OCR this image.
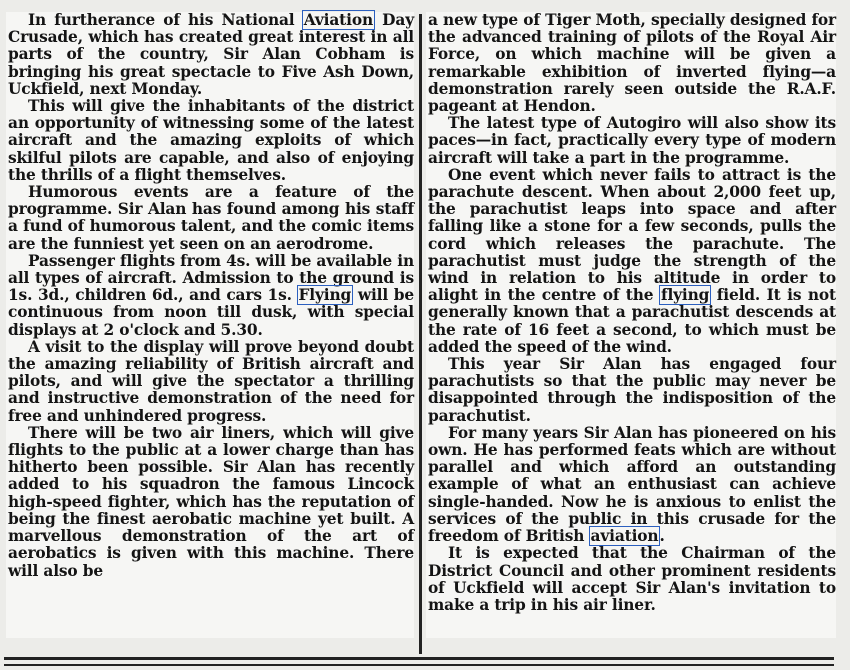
In furtherance of his National Aviation Day Crusade, which has created great interest in all parts of the country, Sir Alan Cobham is bringing his great spectacle to Five Ash Down, Uckfield, next Monday.

This will give the inhabitants of the district an opportunity of witnessing some of the latest aircraft and the amazing exploits of which skilful pilots are capable, and also of enjoying the thrills of a flight themselves.

Humorous events are a feature of the programme. Sir Alan has found among his staff a fund of humorous talent, and the comic items are the funniest yet seen on an aerodrome.

Passenger flights from 4s. will be available in all types of aircraft. Admission to the ground is 1s. 3d., children 6d., and cars 1s. Flying will be continuous from noon till dusk, with special displays at 2 o'clock and 5.30.

A visit to the display will prove beyond doubt the amazing reliability of British aircraft and pilots, and will give the spectator a thrilling and instructive demonstration of the need for free and unhindered progress.

There will be two air liners, which will give flights to the public at a lower charge than has hitherto been possible. Sir Alan has recently added to his squadron the famous Lincock high-speed fighter, which has the reputation of being the finest aerobatic machine yet built. A marvellous demonstration of the art of aerobatics is given with this machine. There will also be

a new type of Tiger Moth, specially designed for the advanced training of pilots of the Royal Air Force, on which machine will be given a remarkable exhibition of inverted flying—a demonstration rarely seen outside the R.A.F. pageant at Hendon.

The latest type of Autogiro will also show its paces—in fact, practically every type of modern aircraft will take a part in the programme.

One event which never fails to attract is the parachute descent. When about 2,000 feet up, the parachutist leaps into space and after falling like a stone for a few seconds, pulls the cord which releases the parachute. The parachutist must judge the strength of the wind in relation to his altitude in order to alight in the centre of the flying field. It is not generally known that a parachutist descends at the rate of 16 feet a second, to which must be added the speed of the wind.

This year Sir Alan has engaged four parachutists so that the public may never be disappointed through the indisposition of the parachutist.

For many years Sir Alan has pioneered on his own. He has performed feats which are without parallel and which afford an outstanding example of what an enthusiast can achieve single-handed. Now he is anxious to enlist the services of the public in this crusade for the freedom of British aviation.

It is expected that the Chairman of the District Council and other prominent residents of Uckfield will accept Sir Alan's invitation to make a trip in his air liner.
